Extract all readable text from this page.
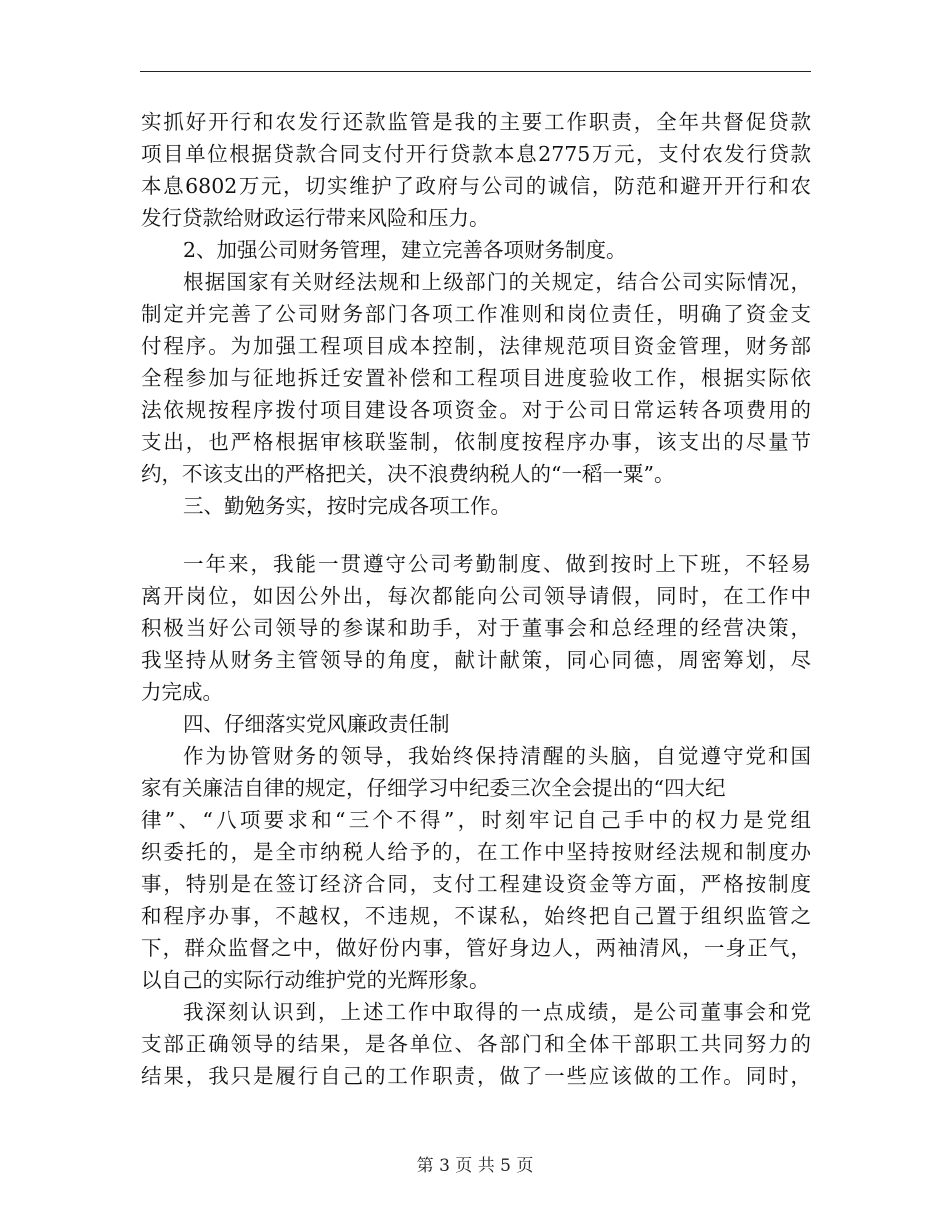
实抓好开行和农发行还款监管是我的主要工作职责，全年共督促贷款
项目单位根据贷款合同支付开行贷款本息2775万元，支付农发行贷款
本息6802万元，切实维护了政府与公司的诚信，防范和避开开行和农
发行贷款给财政运行带来风险和压力。
2、加强公司财务管理，建立完善各项财务制度。
根据国家有关财经法规和上级部门的关规定，结合公司实际情况，
制定并完善了公司财务部门各项工作准则和岗位责任，明确了资金支
付程序。为加强工程项目成本控制，法律规范项目资金管理，财务部
全程参加与征地拆迁安置补偿和工程项目进度验收工作，根据实际依
法依规按程序拨付项目建设各项资金。对于公司日常运转各项费用的
支出，也严格根据审核联鉴制，依制度按程序办事，该支出的尽量节
约，不该支出的严格把关，决不浪费纳税人的“一稻一粟”。
三、勤勉务实，按时完成各项工作。
一年来，我能一贯遵守公司考勤制度、做到按时上下班，不轻易
离开岗位，如因公外出，每次都能向公司领导请假，同时，在工作中
积极当好公司领导的参谋和助手，对于董事会和总经理的经营决策，
我坚持从财务主管领导的角度，献计献策，同心同德，周密筹划，尽
力完成。
四、仔细落实党风廉政责任制
作为协管财务的领导，我始终保持清醒的头脑，自觉遵守党和国
家有关廉洁自律的规定，仔细学习中纪委三次全会提出的“四大纪
律”、“八项要求和“三个不得”，时刻牢记自己手中的权力是党组
织委托的，是全市纳税人给予的，在工作中坚持按财经法规和制度办
事，特别是在签订经济合同，支付工程建设资金等方面，严格按制度
和程序办事，不越权，不违规，不谋私，始终把自己置于组织监管之
下，群众监督之中，做好份内事，管好身边人，两袖清风，一身正气，
以自己的实际行动维护党的光辉形象。
我深刻认识到，上述工作中取得的一点成绩，是公司董事会和党
支部正确领导的结果，是各单位、各部门和全体干部职工共同努力的
结果，我只是履行自己的工作职责，做了一些应该做的工作。同时，
第 3 页 共 5 页
